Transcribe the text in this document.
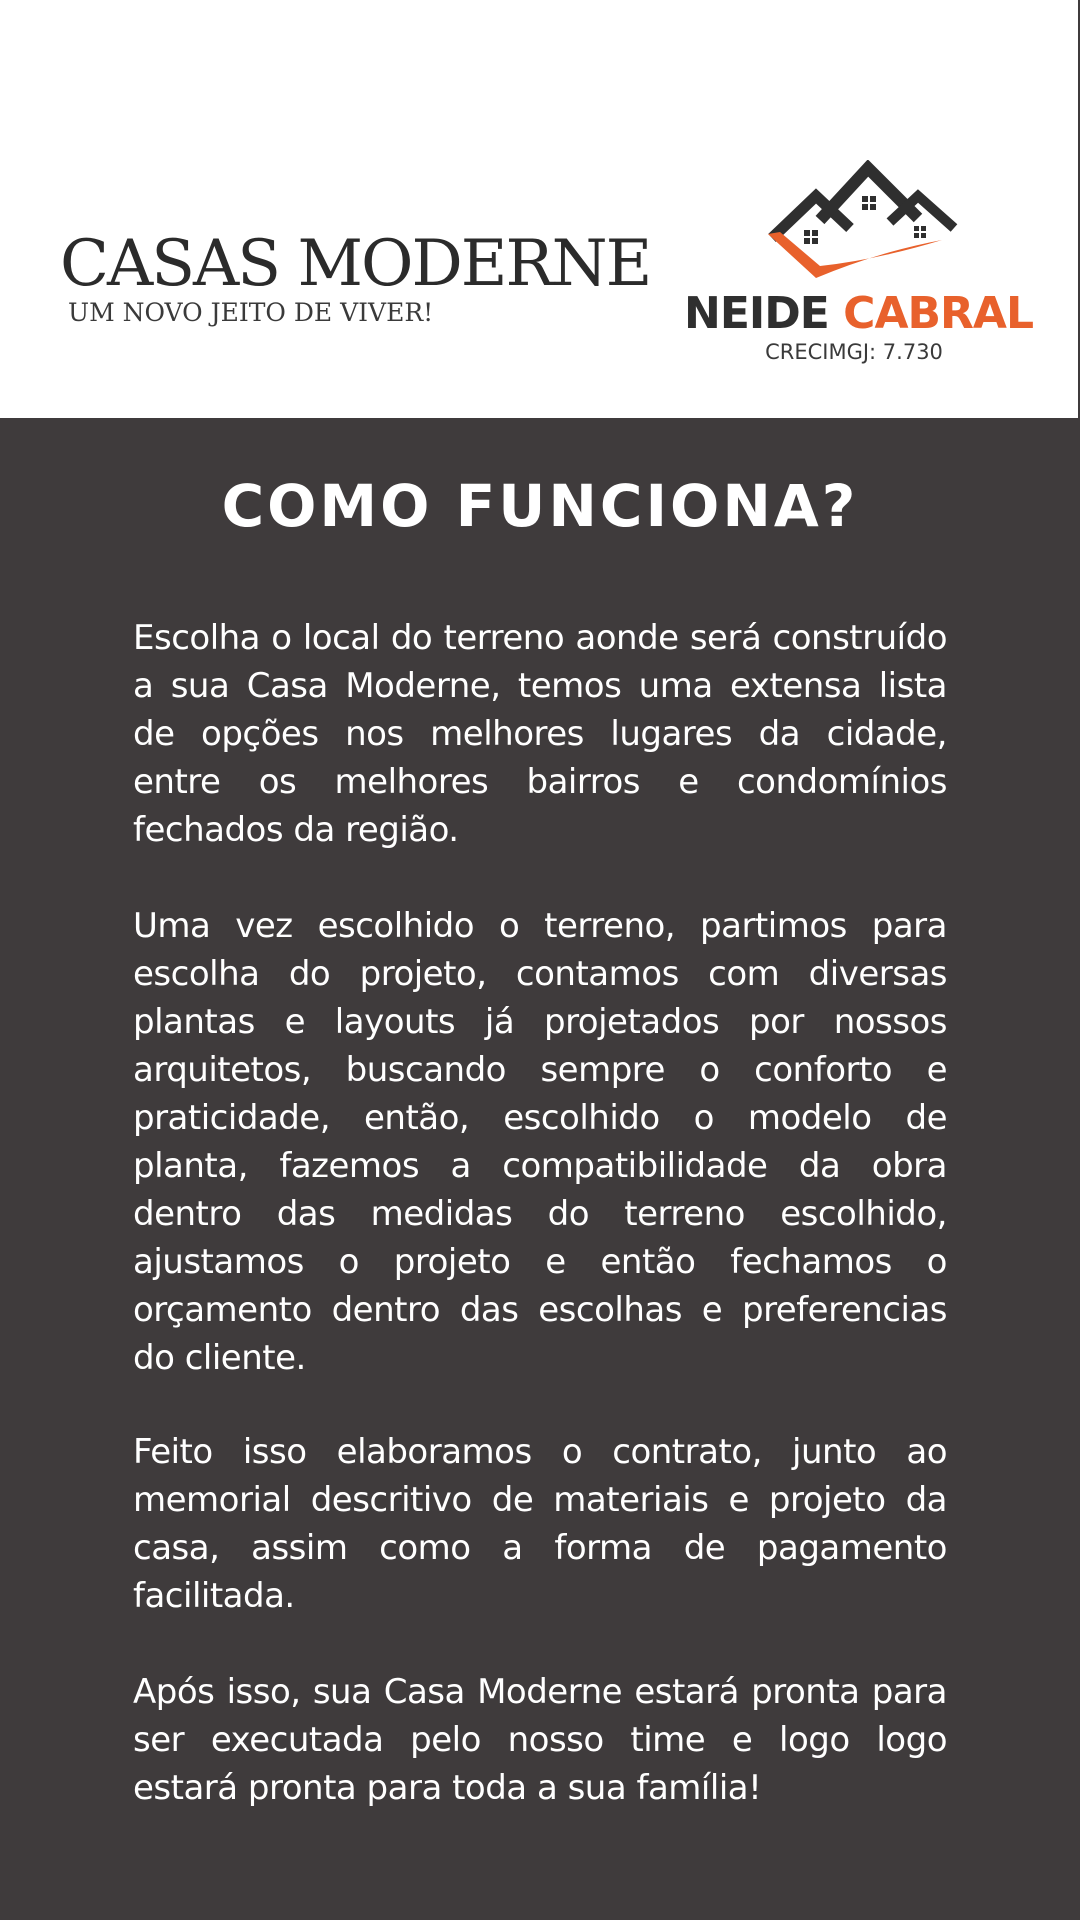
CASAS MODERNE
UM NOVO JEITO DE VIVER!	NEIDE CABRAL
CRECIMGJ: 7.730
COMO FUNCIONA?

Escolha o local do terreno aonde será construído a sua Casa Moderne, temos uma extensa lista de opções nos melhores lugares da cidade, entre os melhores bairros e condomínios fechados da região.

Uma vez escolhido o terreno, partimos para escolha do projeto, contamos com diversas plantas e layouts já projetados por nossos arquitetos, buscando sempre o conforto e praticidade, então, escolhido o modelo de planta, fazemos a compatibilidade da obra dentro das medidas do terreno escolhido, ajustamos o projeto e então fechamos o orçamento dentro das escolhas e preferencias do cliente.

Feito isso elaboramos o contrato, junto ao memorial descritivo de materiais e projeto da casa, assim como a forma de pagamento facilitada.

Após isso, sua Casa Moderne estará pronta para ser executada pelo nosso time e logo logo estará pronta para toda a sua família!
